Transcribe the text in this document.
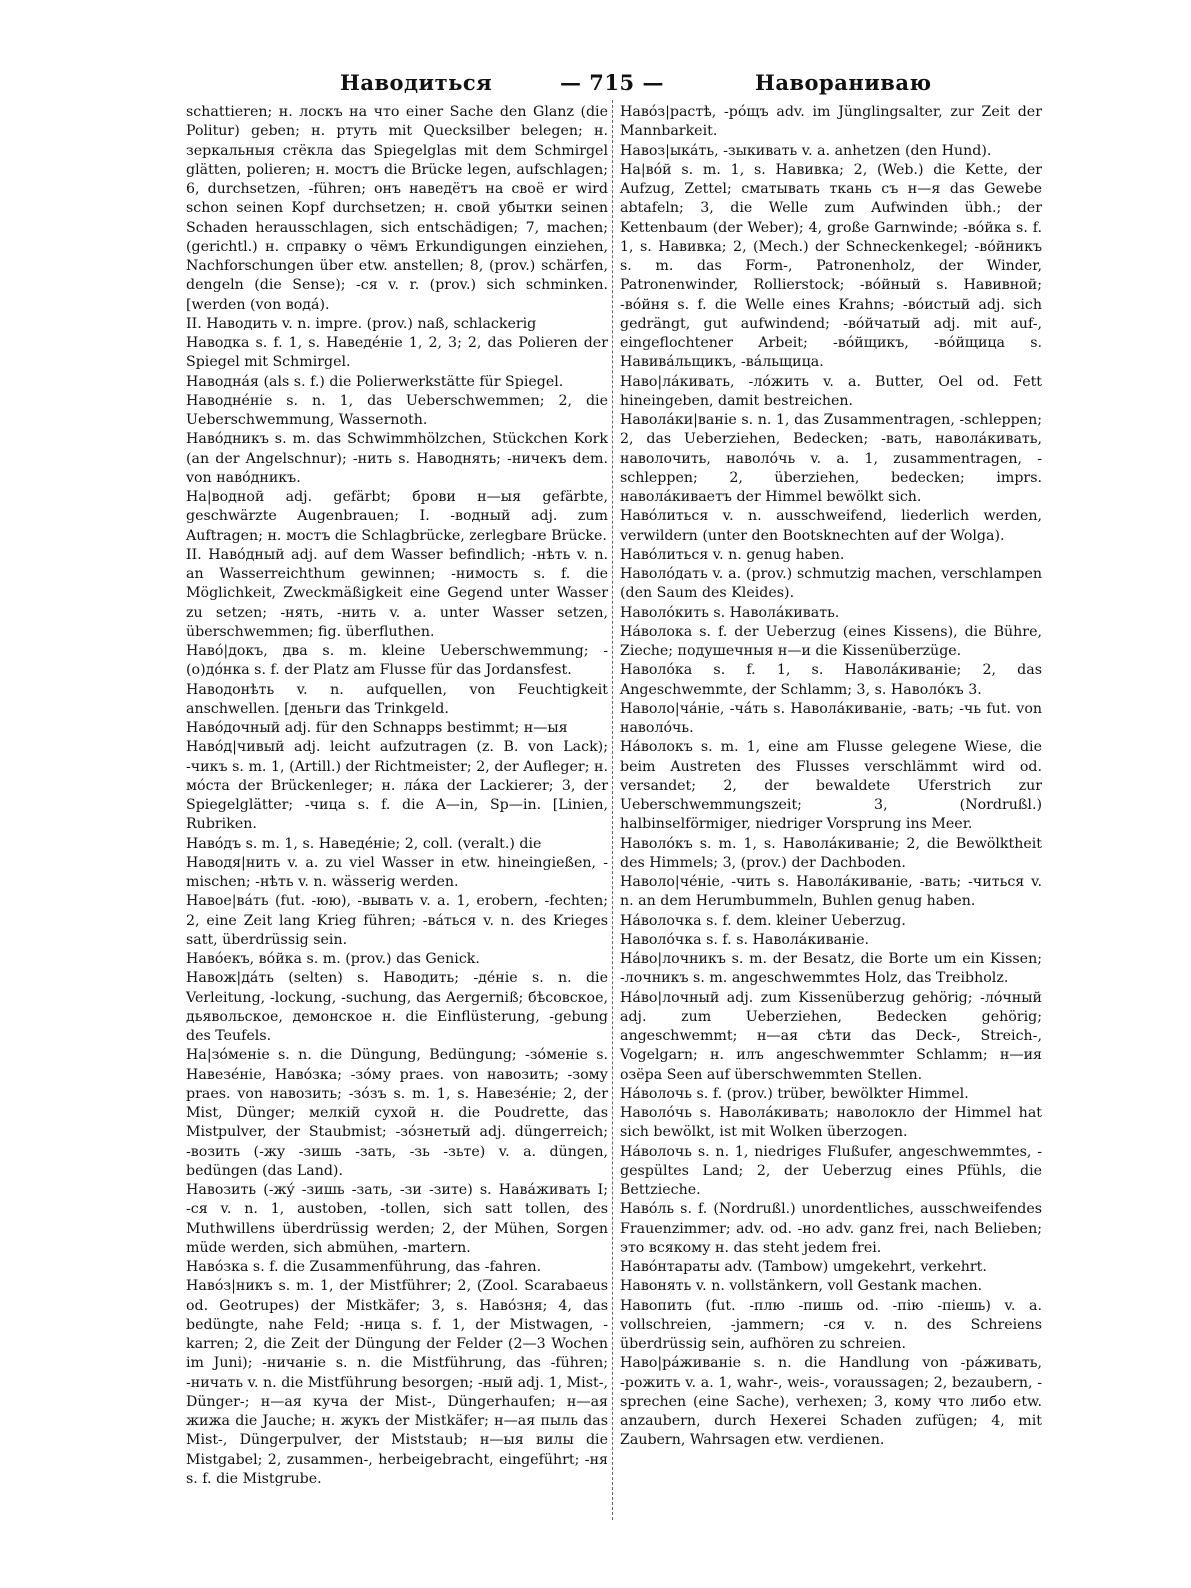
Наводиться	— 715 —	Навораниваю

schattieren; н. лоскъ на что einer Sache den Glanz (die Politur) geben; н. ртуть mit Quecksilber belegen; н. зеркальныя стёкла das Spiegelglas mit dem Schmirgel glätten, polieren; н. мостъ die Brücke legen, aufschlagen; 6, durchsetzen, -führen; онъ наведётъ на своё er wird schon seinen Kopf durchsetzen; н. свой убытки seinen Schaden herausschlagen, sich entschädigen; 7, machen; (gerichtl.) н. справку о чёмъ Erkundigungen einziehen, Nachforschungen über etw. anstellen; 8, (prov.) schärfen, dengeln (die Sense); -ся v. r. (prov.) sich schminken. [werden (von водá).

II. Наводить v. n. impre. (prov.) naß, schlackerig

Наводка s. f. 1, s. Наведéніе 1, 2, 3; 2, das Polieren der Spiegel mit Schmirgel.

Наводнáя (als s. f.) die Polierwerkstätte für Spiegel.

Наводнéніе s. n. 1, das Ueberschwemmen; 2, die Ueberschwemmung, Wassernoth.

Навóдникъ s. m. das Schwimmhölzchen, Stückchen Kork (an der Angelschnur); -нить s. Наводнять; -ничекъ dem. von навóдникъ.

На|водной adj. gefärbt; брови н—ыя gefärbte, geschwärzte Augenbrauen; I. -водный adj. zum Auftragen; н. мостъ die Schlagbrücke, zerlegbare Brücke.

II. Навóдный adj. auf dem Wasser befindlich; -нѣть v. n. an Wasserreichthum gewinnen; -нимость s. f. die Möglichkeit, Zweckmäßigkeit eine Gegend unter Wasser zu setzen; -нять, -нить v. a. unter Wasser setzen, überschwemmen; fig. überfluthen.

Навó|докъ, два s. m. kleine Ueberschwemmung; -(о)дóнка s. f. der Platz am Flusse für das Jordansfest.

Наводонѣть v. n. aufquellen, von Feuchtigkeit anschwellen. [деньги das Trinkgeld.

Навóдочный adj. für den Schnapps bestimmt; н—ыя

Навóд|чивый adj. leicht aufzutragen (z. B. von Lack); -чикъ s. m. 1, (Artill.) der Richtmeister; 2, der Aufleger; н. мóста der Brückenleger; н. лáка der Lackierer; 3, der Spiegelglätter; -чица s. f. die A—in, Sp—in. [Linien, Rubriken.

Навóдъ s. m. 1, s. Наведéніе; 2, coll. (veralt.) die

Наводя|нить v. a. zu viel Wasser in etw. hineingießen, -mischen; -нѣть v. n. wässerig werden.

Навое|вáть (fut. -юю), -вывать v. a. 1, erobern, -fechten; 2, eine Zeit lang Krieg führen; -вáться v. n. des Krieges satt, überdrüssig sein.

Навóекъ, вóйка s. m. (prov.) das Genick.

Навож|дáть (selten) s. Наводить; -дéніе s. n. die Verleitung, -lockung, -suchung, das Aergerniß; бѣсовское, дьявольское, демонское н. die Einflüsterung, -gebung des Teufels.

На|зóменіе s. n. die Düngung, Bedüngung; -зóменіе s. Навезéніе, Навóзка; -зóму praes. von навозить; -зому praes. von навозить; -зóзъ s. m. 1, s. Навезéніе; 2, der Mist, Dünger; мелкій сухой н. die Poudrette, das Mistpulver, der Staubmist; -зóзнетый adj. düngerreich; -возить (-жу -зишь -зать, -зь -зьте) v. a. düngen, bedüngen (das Land).

Навозить (-жý -зишь -зать, -зи -зите) s. Навáживать I; -ся v. n. 1, austoben, -tollen, sich satt tollen, des Muthwillens überdrüssig werden; 2, der Mühen, Sorgen müde werden, sich abmühen, -martern.

Навóзка s. f. die Zusammenführung, das -fahren.

Навóз|никъ s. m. 1, der Mistführer; 2, (Zool. Scarabaeus od. Geotrupes) der Mistkäfer; 3, s. Навóзня; 4, das bedüngte, nahe Feld; -ница s. f. 1, der Mistwagen, -karren; 2, die Zeit der Düngung der Felder (2—3 Wochen im Juni); -ничаніе s. n. die Mistführung, das -führen; -ничать v. n. die Mistführung besorgen; -ный adj. 1, Mist-, Dünger-; н—ая куча der Mist-, Düngerhaufen; н—ая жижа die Jauche; н. жукъ der Mistkäfer; н—ая пыль das Mist-, Düngerpulver, der Miststaub; н—ыя вилы die Mistgabel; 2, zusammen-, herbeigebracht, eingeführt; -ня s. f. die Mistgrube.

Навóз|растѣ, -рóщъ adv. im Jünglingsalter, zur Zeit der Mannbarkeit.

Навоз|ыкáть, -зыкивать v. a. anhetzen (den Hund).

На|вóй s. m. 1, s. Навивка; 2, (Web.) die Kette, der Aufzug, Zettel; сматывать ткань съ н—я das Gewebe abtafeln; 3, die Welle zum Aufwinden übh.; der Kettenbaum (der Weber); 4, große Garnwinde; -вóйка s. f. 1, s. Навивка; 2, (Mech.) der Schneckenkegel; -вóйникъ s. m. das Form-, Patronenholz, der Winder, Patronenwinder, Rollierstock; -вóйный s. Навивной; -вóйня s. f. die Welle eines Krahns; -вóистый adj. sich gedrängt, gut aufwindend; -вóйчатый adj. mit auf-, eingeflochtener Arbeit; -вóйщикъ, -вóйщица s. Навивáльщикъ, -вáльщица.

Наво|лáкивать, -лóжить v. a. Butter, Oel od. Fett hineingeben, damit bestreichen.

Наволáки|ваніе s. n. 1, das Zusammentragen, -schleppen; 2, das Ueberziehen, Bedecken; -вать, наволáкивать, наволочить, наволóчь v. a. 1, zusammentragen, -schleppen; 2, überziehen, bedecken; imprs. наволáкиваетъ der Himmel bewölkt sich.

Навóлиться v. n. ausschweifend, liederlich werden, verwildern (unter den Bootsknechten auf der Wolga).

Навóлиться v. n. genug haben.

Наволóдать v. a. (prov.) schmutzig machen, verschlampen (den Saum des Kleides).

Наволóкить s. Наволáкивать.

Нáволока s. f. der Ueberzug (eines Kissens), die Bühre, Zieche; подушечныя н—и die Kissenüberzüge.

Наволóка s. f. 1, s. Наволáкиваніе; 2, das Angeschwemmte, der Schlamm; 3, s. Наволóкъ 3.

Наволо|чáніе, -чáть s. Наволáкиваніе, -вать; -чь fut. von наволóчь.

Нáволокъ s. m. 1, eine am Flusse gelegene Wiese, die beim Austreten des Flusses verschlämmt wird od. versandet; 2, der bewaldete Uferstrich zur Ueberschwemmungszeit; 3, (Nordrußl.) halbinselförmiger, niedriger Vorsprung ins Meer.

Наволóкъ s. m. 1, s. Наволáкиваніе; 2, die Bewölktheit des Himmels; 3, (prov.) der Dachboden.

Наволо|чéніе, -чить s. Наволáкиваніе, -вать; -читься v. n. an dem Herumbummeln, Buhlen genug haben.

Нáволочка s. f. dem. kleiner Ueberzug.

Наволóчка s. f. s. Наволáкиваніе.

Нáво|лочникъ s. m. der Besatz, die Borte um ein Kissen; -лочникъ s. m. angeschwemmtes Holz, das Treibholz.

Нáво|лочный adj. zum Kissenüberzug gehörig; -лóчный adj. zum Ueberziehen, Bedecken gehörig; angeschwemmt; н—ая сѣти das Deck-, Streich-, Vogelgarn; н. илъ angeschwemmter Schlamm; н—ия озёра Seen auf überschwemmten Stellen.

Нáволочь s. f. (prov.) trüber, bewölkter Himmel.

Наволóчь s. Наволáкивать; наволокло der Himmel hat sich bewölkt, ist mit Wolken überzogen.

Нáволочь s. n. 1, niedriges Flußufer, angeschwemmtes, -gespültes Land; 2, der Ueberzug eines Pfühls, die Bettzieche.

Навóль s. f. (Nordrußl.) unordentliches, ausschweifendes Frauenzimmer; adv. od. -но adv. ganz frei, nach Belieben; это всякому н. das steht jedem frei.

Навóнтараты adv. (Tambow) umgekehrt, verkehrt.

Навонять v. n. vollstänkern, voll Gestank machen.

Навопить (fut. -плю -пишь od. -пію -піешь) v. a. vollschreien, -jammern; -ся v. n. des Schreiens überdrüssig sein, aufhören zu schreien.

Наво|рáживаніе s. n. die Handlung von -рáживать, -рожить v. a. 1, wahr-, weis-, voraussagen; 2, bezaubern, -sprechen (eine Sache), verhexen; 3, кому что либо etw. anzaubern, durch Hexerei Schaden zufügen; 4, mit Zaubern, Wahrsagen etw. verdienen.
